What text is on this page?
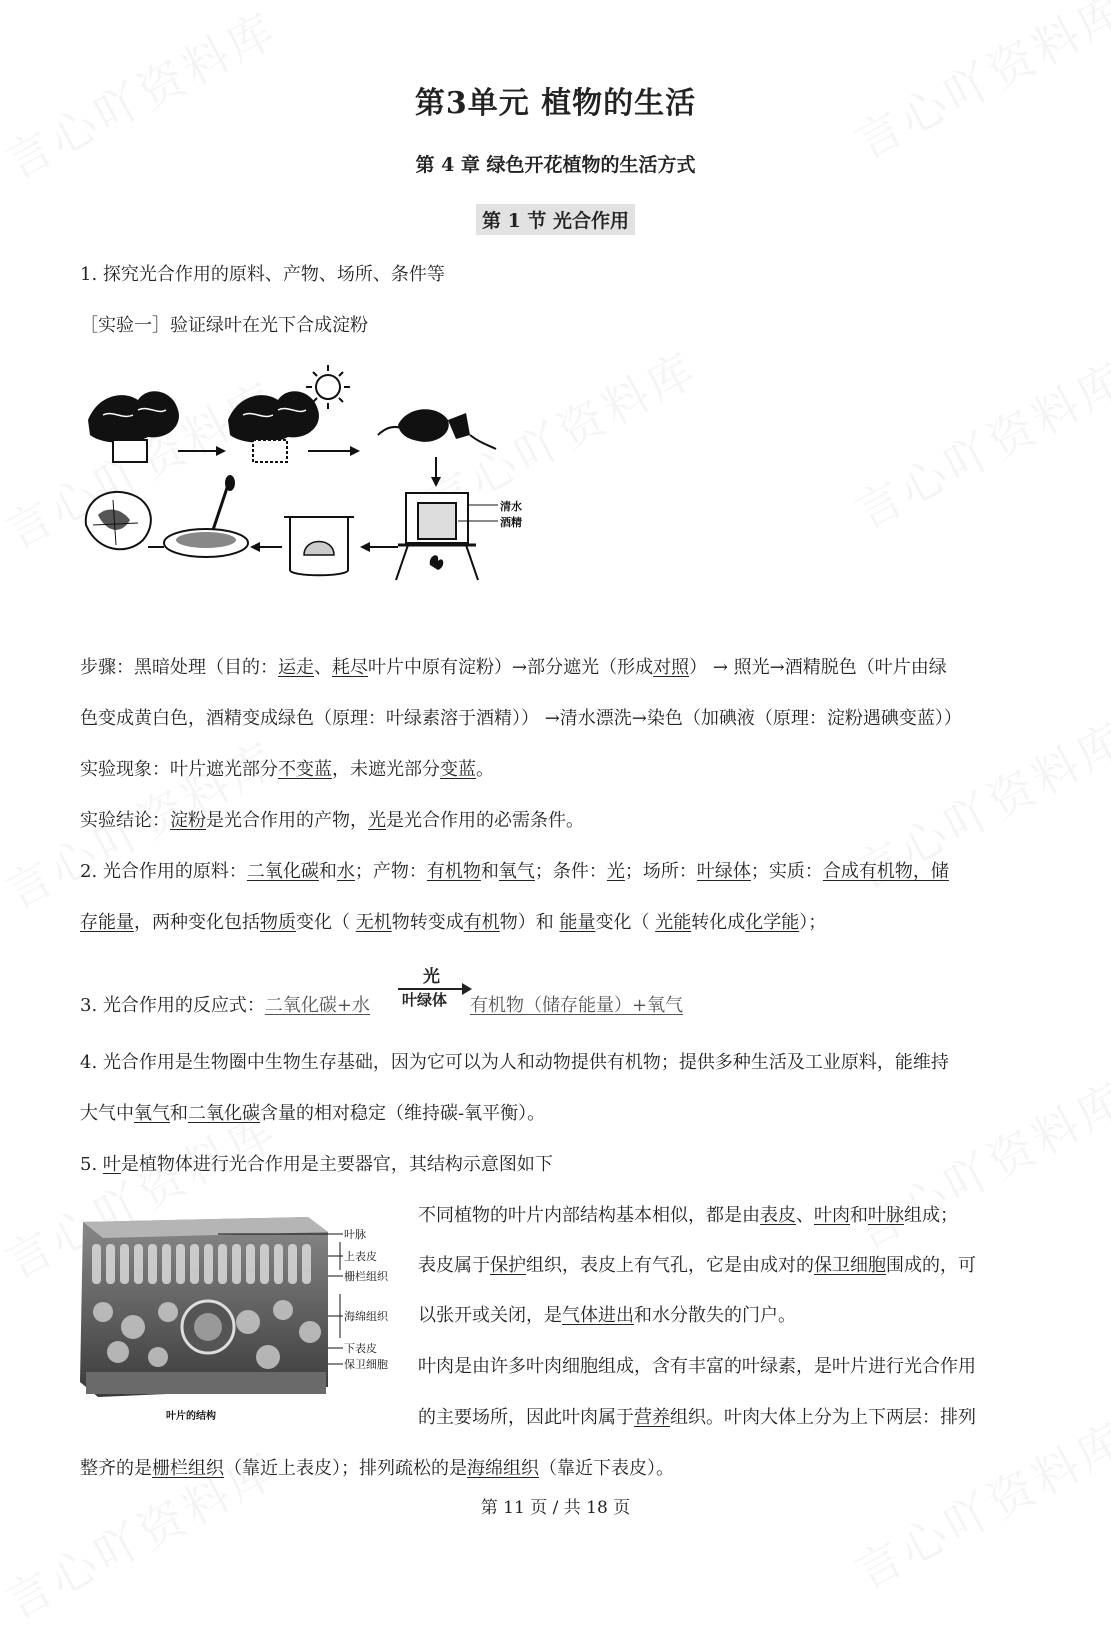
第3单元 植物的生活
第 4 章 绿色开花植物的生活方式
第 1 节 光合作用
1. 探究光合作用的原料、产物、场所、条件等
［实验一］验证绿叶在光下合成淀粉
清水
酒精
步骤：黑暗处理（目的：运走、耗尽叶片中原有淀粉）→部分遮光（形成对照） → 照光→酒精脱色（叶片由绿
色变成黄白色，酒精变成绿色（原理：叶绿素溶于酒精）） →清水漂洗→染色（加碘液（原理：淀粉遇碘变蓝））
实验现象：叶片遮光部分不变蓝，未遮光部分变蓝。
实验结论：淀粉是光合作用的产物，光是光合作用的必需条件。
2. 光合作用的原料：二氧化碳和水；产物：有机物和氧气；条件：光；场所：叶绿体；实质：合成有机物，储
存能量，两种变化包括物质变化（ 无机物转变成有机物）和 能量变化（ 光能转化成化学能）；
3. 光合作用的反应式：二氧化碳+水
光
叶绿体 有机物（储存能量）+氧气
4. 光合作用是生物圈中生物生存基础，因为它可以为人和动物提供有机物；提供多种生活及工业原料，能维持
大气中氧气和二氧化碳含量的相对稳定（维持碳-氧平衡）。
5. 叶是植物体进行光合作用是主要器官，其结构示意图如下
叶脉
上表皮
栅栏组织
海绵组织
下表皮
保卫细胞
叶片的结构
不同植物的叶片内部结构基本相似，都是由表皮、叶肉和叶脉组成；
表皮属于保护组织，表皮上有气孔，它是由成对的保卫细胞围成的，可
以张开或关闭，是气体进出和水分散失的门户。
叶肉是由许多叶肉细胞组成，含有丰富的叶绿素，是叶片进行光合作用
的主要场所，因此叶肉属于营养组织。叶肉大体上分为上下两层：排列
整齐的是栅栏组织（靠近上表皮）；排列疏松的是海绵组织（靠近下表皮）。
第 11 页 / 共 18 页
